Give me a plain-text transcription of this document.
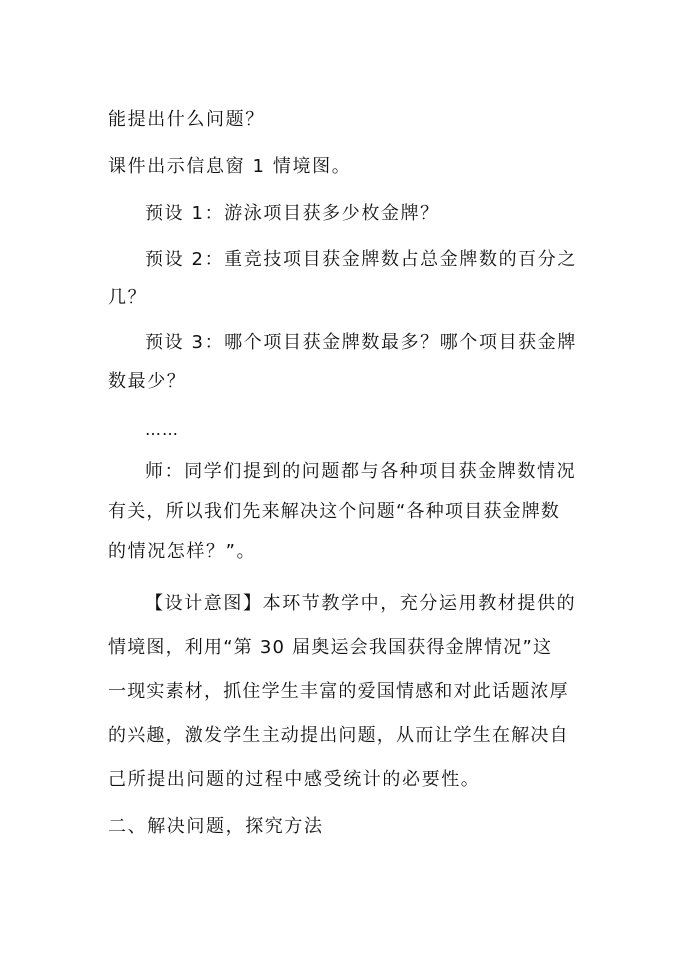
能提出什么问题？
课件出示信息窗 1 情境图。
预设 1：游泳项目获多少枚金牌？
预设 2：重竞技项目获金牌数占总金牌数的百分之
几？
预设 3：哪个项目获金牌数最多？哪个项目获金牌
数最少？
……
师：同学们提到的问题都与各种项目获金牌数情况
有关，所以我们先来解决这个问题“各种项目获金牌数
的情况怎样？”。
【设计意图】本环节教学中，充分运用教材提供的
情境图，利用“第 30 届奥运会我国获得金牌情况”这
一现实素材，抓住学生丰富的爱国情感和对此话题浓厚
的兴趣，激发学生主动提出问题，从而让学生在解决自
己所提出问题的过程中感受统计的必要性。
二、解决问题，探究方法
